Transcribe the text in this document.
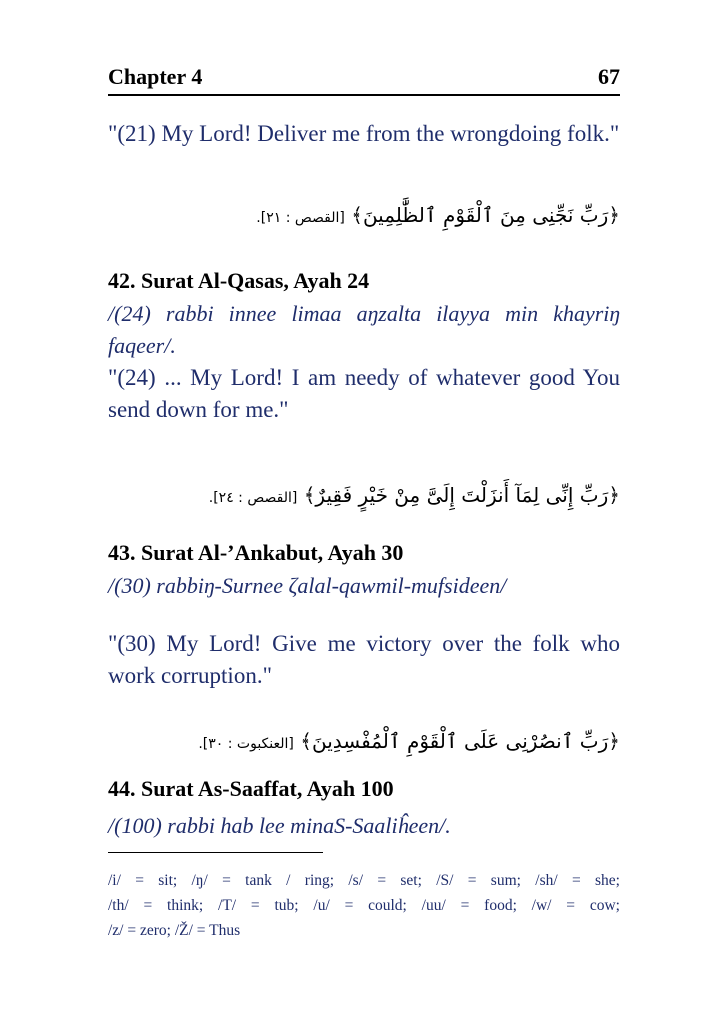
Chapter 4	67
"(21) My Lord! Deliver me from the wrongdoing folk."
﴿رَبِّ نَجِّنِى مِنَ ٱلْقَوْمِ ٱلظَّٰلِمِينَ﴾ [القصص : ٢١].
42. Surat Al-Qasas, Ayah 24
/(24) rabbi innee limaa aŋzalta ilayya min khayriŋ faqeer/.
"(24) ... My Lord! I am needy of whatever good You send down for me."
﴿رَبِّ إِنِّى لِمَآ أَنزَلْتَ إِلَىَّ مِنْ خَيْرٍ فَقِيرٌ﴾ [القصص : ٢٤].
43. Surat Al-’Ankabut, Ayah 30
/(30) rabbiŋ-Surnee ζalal-qawmil-mufsideen/
"(30) My Lord! Give me victory over the folk who work corruption."
﴿رَبِّ ٱنصُرْنِى عَلَى ٱلْقَوْمِ ٱلْمُفْسِدِينَ﴾ [العنكبوت : ٣٠].
44. Surat As-Saaffat, Ayah 100
/(100) rabbi hab lee minaS-Saaliĥeen/.
/i/ = sit; /ŋ/ = tank / ring; /s/ = set; /S/ = sum; /sh/ = she;
/th/ = think; /T/ = tub; /u/ = could; /uu/ = food; /w/ = cow;
/z/ = zero; /Ž/ = Thus
